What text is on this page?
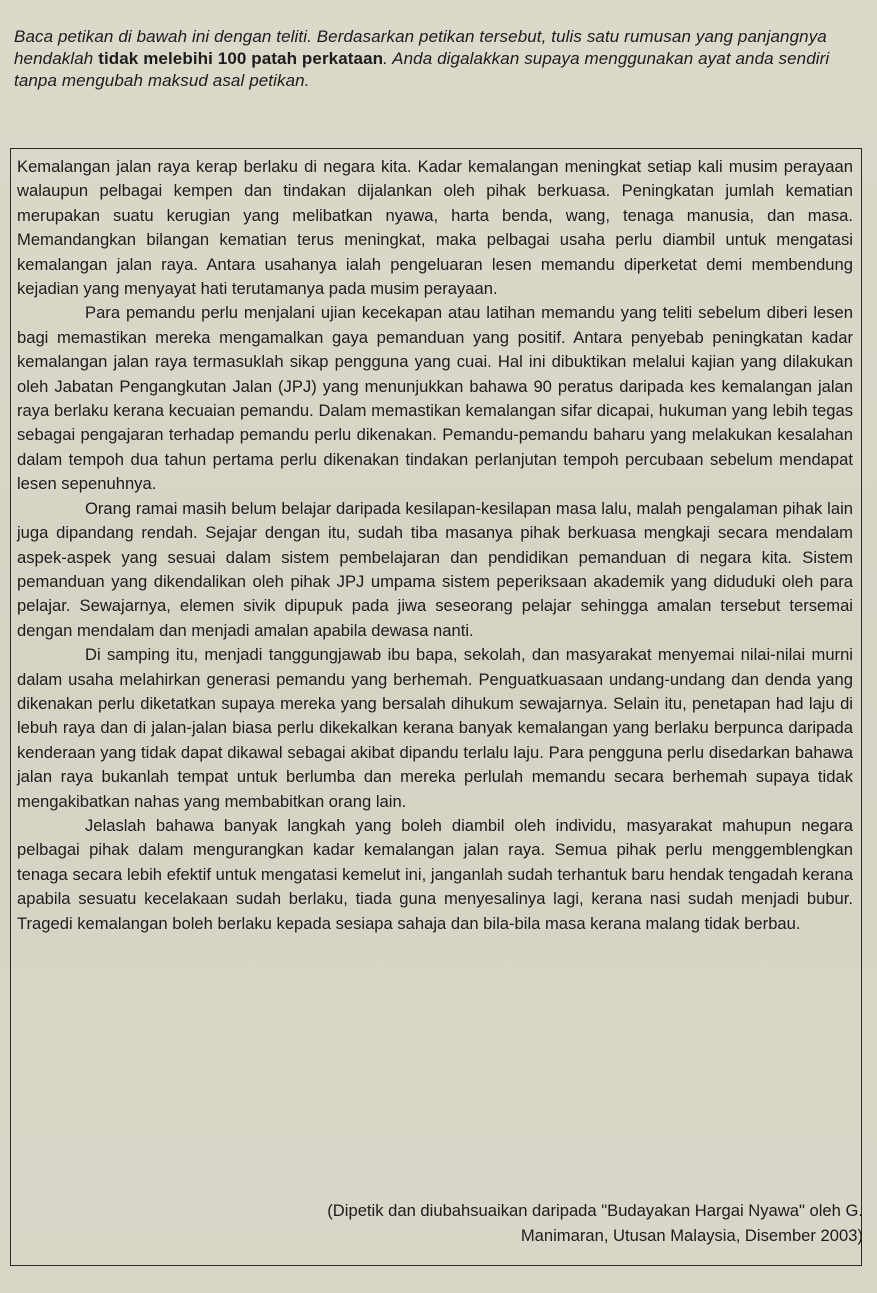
Baca petikan di bawah ini dengan teliti. Berdasarkan petikan tersebut, tulis satu rumusan yang panjangnya hendaklah tidak melebihi 100 patah perkataan. Anda digalakkan supaya menggunakan ayat anda sendiri tanpa mengubah maksud asal petikan.

Kemalangan jalan raya kerap berlaku di negara kita. Kadar kemalangan meningkat setiap kali musim perayaan walaupun pelbagai kempen dan tindakan dijalankan oleh pihak berkuasa. Peningkatan jumlah kematian merupakan suatu kerugian yang melibatkan nyawa, harta benda, wang, tenaga manusia, dan masa. Memandangkan bilangan kematian terus meningkat, maka pelbagai usaha perlu diambil untuk mengatasi kemalangan jalan raya. Antara usahanya ialah pengeluaran lesen memandu diperketat demi membendung kejadian yang menyayat hati terutamanya pada musim perayaan.

Para pemandu perlu menjalani ujian kecekapan atau latihan memandu yang teliti sebelum diberi lesen bagi memastikan mereka mengamalkan gaya pemanduan yang positif. Antara penyebab peningkatan kadar kemalangan jalan raya termasuklah sikap pengguna yang cuai. Hal ini dibuktikan melalui kajian yang dilakukan oleh Jabatan Pengangkutan Jalan (JPJ) yang menunjukkan bahawa 90 peratus daripada kes kemalangan jalan raya berlaku kerana kecuaian pemandu. Dalam memastikan kemalangan sifar dicapai, hukuman yang lebih tegas sebagai pengajaran terhadap pemandu perlu dikenakan. Pemandu-pemandu baharu yang melakukan kesalahan dalam tempoh dua tahun pertama perlu dikenakan tindakan perlanjutan tempoh percubaan sebelum mendapat lesen sepenuhnya.

Orang ramai masih belum belajar daripada kesilapan-kesilapan masa lalu, malah pengalaman pihak lain juga dipandang rendah. Sejajar dengan itu, sudah tiba masanya pihak berkuasa mengkaji secara mendalam aspek-aspek yang sesuai dalam sistem pembelajaran dan pendidikan pemanduan di negara kita. Sistem pemanduan yang dikendalikan oleh pihak JPJ umpama sistem peperiksaan akademik yang diduduki oleh para pelajar. Sewajarnya, elemen sivik dipupuk pada jiwa seseorang pelajar sehingga amalan tersebut tersemai dengan mendalam dan menjadi amalan apabila dewasa nanti.

Di samping itu, menjadi tanggungjawab ibu bapa, sekolah, dan masyarakat menyemai nilai-nilai murni dalam usaha melahirkan generasi pemandu yang berhemah. Penguatkuasaan undang-undang dan denda yang dikenakan perlu diketatkan supaya mereka yang bersalah dihukum sewajarnya. Selain itu, penetapan had laju di lebuh raya dan di jalan-jalan biasa perlu dikekalkan kerana banyak kemalangan yang berlaku berpunca daripada kenderaan yang tidak dapat dikawal sebagai akibat dipandu terlalu laju. Para pengguna perlu disedarkan bahawa jalan raya bukanlah tempat untuk berlumba dan mereka perlulah memandu secara berhemah supaya tidak mengakibatkan nahas yang membabitkan orang lain.

Jelaslah bahawa banyak langkah yang boleh diambil oleh individu, masyarakat mahupun negara pelbagai pihak dalam mengurangkan kadar kemalangan jalan raya. Semua pihak perlu menggemblengkan tenaga secara lebih efektif untuk mengatasi kemelut ini, janganlah sudah terhantuk baru hendak tengadah kerana apabila sesuatu kecelakaan sudah berlaku, tiada guna menyesalinya lagi, kerana nasi sudah menjadi bubur. Tragedi kemalangan boleh berlaku kepada sesiapa sahaja dan bila-bila masa kerana malang tidak berbau.

(Dipetik dan diubahsuaikan daripada "Budayakan Hargai Nyawa" oleh G.
Manimaran, Utusan Malaysia, Disember 2003)
